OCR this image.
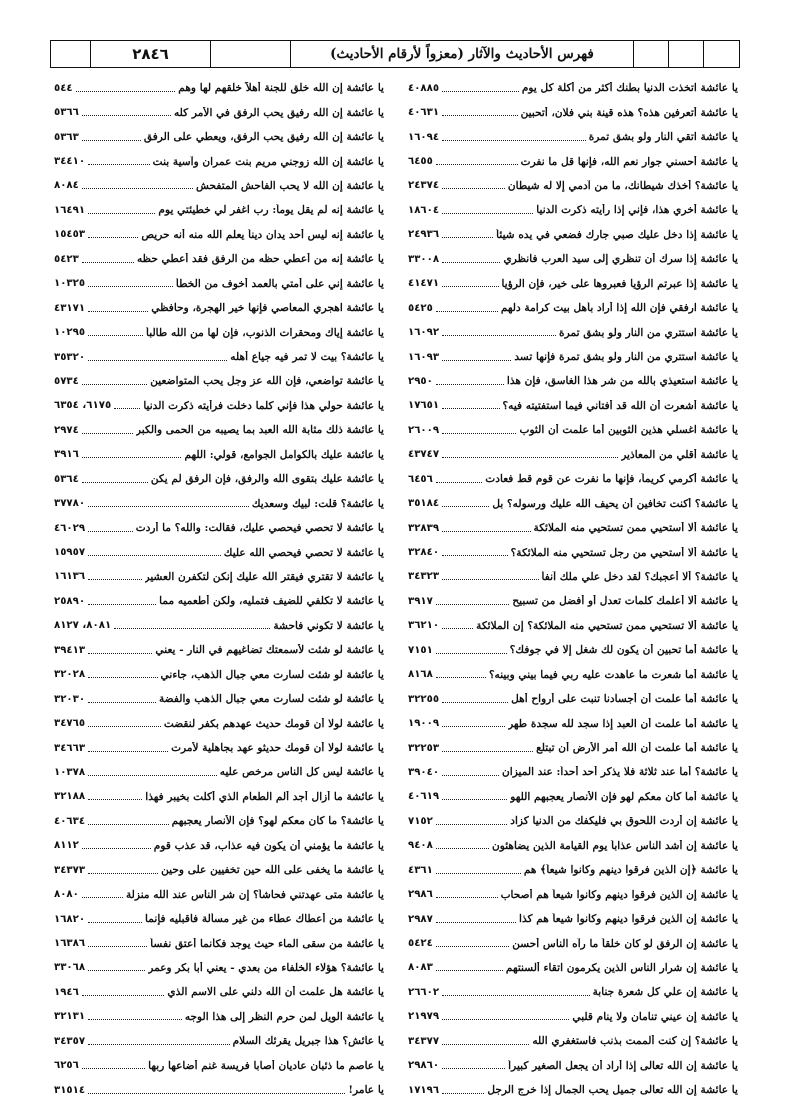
٢٨٤٦	فهرس الأحاديث والآثار (معزواً لأرقام الأحاديث)
يا عائشة اتخذت الدنيا بطنك أكثر من أكلة كل يوم
٤٠٨٨٥
يا عائشة أتعرفين هذه؟ هذه قينة بني فلان، أتحبين
٤٠٦٣١
يا عائشة اتقي النار ولو بشق تمرة
١٦٠٩٤
يا عائشة أحسني جوار نعم الله، فإنها قل ما نفرت
٦٤٥٥
يا عائشة؟ أخذك شيطانك، ما من آدمي إلا له شيطان
٢٤٣٧٤
يا عائشة أخري هذا، فإني إذا رأيته ذكرت الدنيا
١٨٦٠٤
يا عائشة إذا دخل عليك صبي جارك فضعي في يده شيئاً
٢٤٩٣٦
يا عائشة إذا سرك أن تنظري إلى سيد العرب فانظري
٣٣٠٠٨
يا عائشة إذا عبرتم الرؤيا فعبروها على خير، فإن الرؤيا
٤١٤٧١
يا عائشة ارفقي فإن الله إذا أراد بأهل بيت كرامة دلهم
٥٤٢٥
يا عائشة استتري من النار ولو بشق تمرة
١٦٠٩٢
يا عائشة استتري من النار ولو بشق تمرة فإنها تسد
١٦٠٩٣
يا عائشة استعيذي بالله من شر هذا الغاسق، فإن هذا
٢٩٥٠
يا عائشة أشعرت أن الله قد أفتاني فيما استفتيته فيه؟
١٧٦٥١
يا عائشة اغسلي هذين الثوبين أما علمت أن الثوب
٢٦٠٠٩
يا عائشة أقلي من المعاذير
٤٣٧٤٧
يا عائشة أكرمي كريماً، فإنها ما نفرت عن قوم قط فعادت
٦٤٥٦
يا عائشة؟ أكنت تخافين أن يحيف الله عليك ورسوله؟ بل
٣٥١٨٤
يا عائشة ألا أستحيي ممن تستحيي منه الملائكة
٣٢٨٣٩
يا عائشة ألا أستحيي من رجل تستحيي منه الملائكة؟
٣٢٨٤٠
يا عائشة؟ ألا أعجبك؟ لقد دخل علي ملك آنفاً
٣٤٣٢٣
يا عائشة ألا أعلمك كلمات تعدل أو أفضل من تسبيح
٣٩١٧
يا عائشة ألا تستحيي ممن تستحيي منه الملائكة؟ إن الملائكة
٣٦٢١٠
يا عائشة أما تحبين أن يكون لك شغل إلا في جوفك؟
٧١٥١
يا عائشة أما شعرت ما عاهدت عليه ربي فيما بيني وبينه؟
٨١٦٨
يا عائشة أما علمت أن أجسادنا تنبت على أرواح أهل
٣٢٢٥٥
يا عائشة أما علمت أن العبد إذا سجد لله سجدة طهر
١٩٠٠٩
يا عائشة أما علمت أن الله أمر الأرض أن تبتلع
٣٢٢٥٣
يا عائشة؟ أما عند ثلاثة فلا يذكر أحد أحداً: عند الميزان
٣٩٠٤٠
يا عائشة أما كان معكم لهو فإن الأنصار يعجبهم اللهو
٤٠٦١٩
يا عائشة إن أردت اللحوق بي فليكفك من الدنيا كزاد
٧١٥٢
يا عائشة إن أشد الناس عذاباً يوم القيامة الذين يضاهئون
٩٤٠٨
يا عائشة ﴿إن الذين فرقوا دينهم وكانوا شيعاً﴾ هم
٤٣٦١
يا عائشة إن الذين فرقوا دينهم وكانوا شيعاً هم أصحاب
٢٩٨٦
يا عائشة إن الذين فرقوا دينهم وكانوا شيعاً هم كذا
٢٩٨٧
يا عائشة إن الرفق لو كان خلقاً ما رآه الناس أحسن
٥٤٢٤
يا عائشة إن شرار الناس الذين يكرمون اتقاء ألسنتهم
٨٠٨٣
يا عائشة إن علي كل شعرة جنابة
٢٦٦٠٢
يا عائشة إن عيني تنامان ولا ينام قلبي
٢١٩٧٩
يا عائشة؟ إن كنت ألممت بذنب فاستغفري الله
٣٤٣٧٧
يا عائشة إن الله تعالى إذا أراد أن يجعل الصغير كبيراً
٢٩٨٦٠
يا عائشة إن الله تعالى جميل يحب الجمال إذا خرج الرجل
١٧١٩٦
يا عائشة إن الله خلق للجنة أهلاً خلقهم لها وهم
٥٤٤
يا عائشة إن الله رفيق يحب الرفق في الأمر كله
٥٣٦٦
يا عائشة إن الله رفيق يحب الرفق، ويعطي على الرفق
٥٣٦٣
يا عائشة إن الله زوجني مريم بنت عمران وآسية بنت
٣٤٤١٠
يا عائشة إن الله لا يحب الفاحش المتفحش
٨٠٨٤
يا عائشة إنه لم يقل يوماً: رب اغفر لي خطيئتي يوم
١٦٤٩١
يا عائشة إنه ليس أحد يدان ديناً يعلم الله منه أنه حريص
١٥٤٥٣
يا عائشة إنه من أعطي حظه من الرفق فقد أعطي حظه
٥٤٢٣
يا عائشة إني على أمتي بالعمد أخوف من الخطأ
١٠٣٢٥
يا عائشة اهجري المعاصي فإنها خير الهجرة، وحافظي
٤٣١٧١
يا عائشة إياك ومحقرات الذنوب، فإن لها من الله طالباً
١٠٢٩٥
يا عائشة؟ بيت لا تمر فيه جياع أهله
٣٥٣٢٠
يا عائشة تواضعي، فإن الله عز وجل يحب المتواضعين
٥٧٣٤
يا عائشة حولي هذا فإني كلما دخلت فرأيته ذكرت الدنيا
٦١٧٥، ٦٣٥٤
يا عائشة ذلك مثابة الله العبد بما يصيبه من الحمى والكبر
٢٩٧٤
يا عائشة عليك بالكوامل الجوامع، قولي: اللهم
٣٩١٦
يا عائشة عليك بتقوى الله والرفق، فإن الرفق لم يكن
٥٣٦٤
يا عائشة؟ قلت: لبيك وسعديك
٣٧٧٨٠
يا عائشة لا تحصي فيحصي عليك، فقالت: والله؟ ما أردت
٤٦٠٢٩
يا عائشة لا تحصي فيحصي الله عليك
١٥٩٥٧
يا عائشة لا تقتري فيقتر الله عليك إنكن لتكفرن العشير
١٦١٣٦
يا عائشة لا تكلفي للضيف فتمليه، ولكن أطعميه مما
٢٥٨٩٠
يا عائشة لا تكوني فاحشة
٨٠٨١، ٨١٢٧
يا عائشة لو شئت لأسمعتك تضاغيهم في النار - يعني
٣٩٤١٣
يا عائشة لو شئت لسارت معي جبال الذهب، جاءني
٣٢٠٢٨
يا عائشة لو شئت لسارت معي جبال الذهب والفضة
٣٢٠٣٠
يا عائشة لولا أن قومك حديث عهدهم بكفر لنقضت
٣٤٧٦٥
يا عائشة لولا أن قومك حديثو عهد بجاهلية لأمرت
٣٤٦٦٣
يا عائشة ليس كل الناس مرخص عليه
١٠٣٧٨
يا عائشة ما أزال أجد ألم الطعام الذي أكلت بخيبر فهذا
٣٢١٨٨
يا عائشة؟ ما كان معكم لهو؟ فإن الأنصار يعجبهم
٤٠٦٣٤
يا عائشة ما يؤمني أن يكون فيه عذاب، قد عذب قوم
٨١١٢
يا عائشة ما يخفى على الله حين تخفيين على وحين
٣٤٣٧٣
يا عائشة متى عهدتني فحاشاً؟ إن شر الناس عند الله منزلة
٨٠٨٠
يا عائشة من أعطاك عطاء من غير مسألة فاقبليه فإنما
١٦٨٢٠
يا عائشة من سقى الماء حيث يوجد فكأنما أعتق نفساً
١٦٣٨٦
يا عائشة؟ هؤلاء الخلفاء من بعدي - يعني أبا بكر وعمر
٣٣٠٦٨
يا عائشة هل علمت أن الله دلني على الاسم الذي
١٩٤٦
يا عائشة الويل لمن حرم النظر إلى هذا الوجه
٣٢١٣١
يا عائش؟ هذا جبريل يقرئك السلام
٣٤٣٥٧
يا عاصم ما ذئبان عاديان أصابا فريسة غنم أضاعها ربها
٦٢٥٦
يا عامر!
٣١٥١٤
